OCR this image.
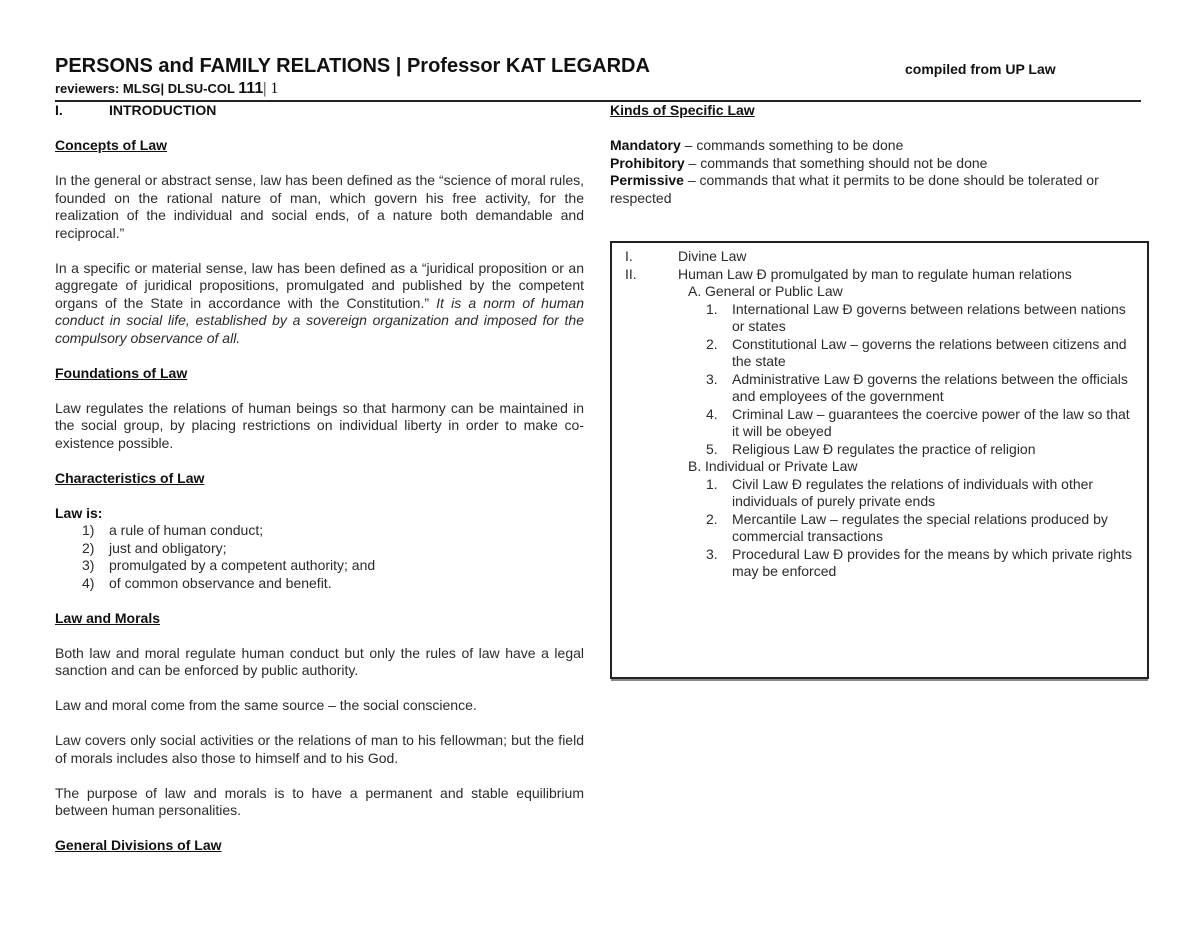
PERSONS and FAMILY RELATIONS | Professor KAT LEGARDA	compiled from UP Law
reviewers: MLSG| DLSU-COL 111| 1
I.	INTRODUCTION
Concepts of Law

In the general or abstract sense, law has been defined as the “science of moral rules, founded on the rational nature of man, which govern his free activity, for the realization of the individual and social ends, of a nature both demandable and reciprocal.”

In a specific or material sense, law has been defined as a “juridical proposition or an aggregate of juridical propositions, promulgated and published by the competent organs of the State in accordance with the Constitution.” It is a norm of human conduct in social life, established by a sovereign organization and imposed for the compulsory observance of all.

Foundations of Law

Law regulates the relations of human beings so that harmony can be maintained in the social group, by placing restrictions on individual liberty in order to make co-existence possible.

Characteristics of Law
Law is:
1) a rule of human conduct;
2) just and obligatory;
3) promulgated by a competent authority; and
4) of common observance and benefit.
Law and Morals

Both law and moral regulate human conduct but only the rules of law have a legal sanction and can be enforced by public authority.

Law and moral come from the same source – the social conscience.

Law covers only social activities or the relations of man to his fellowman; but the field of morals includes also those to himself and to his God.

The purpose of law and morals is to have a permanent and stable equilibrium between human personalities.

General Divisions of Law
Kinds of Specific Law

Mandatory – commands something to be done

Prohibitory – commands that something should not be done

Permissive – commands that what it permits to be done should be tolerated or respected

I.	Divine Law
II.	Human Law Ð promulgated by man to regulate human relations
A. General or Public Law
1. International Law Ð governs between relations between nations or states
2. Constitutional Law – governs the relations between citizens and the state
3. Administrative Law Ð governs the relations between the officials and employees of the government
4. Criminal Law – guarantees the coercive power of the law so that it will be obeyed
5. Religious Law Ð regulates the practice of religion
B. Individual or Private Law
1. Civil Law Ð regulates the relations of individuals with other individuals of purely private ends
2. Mercantile Law – regulates the special relations produced by commercial transactions
3. Procedural Law Ð provides for the means by which private rights may be enforced
